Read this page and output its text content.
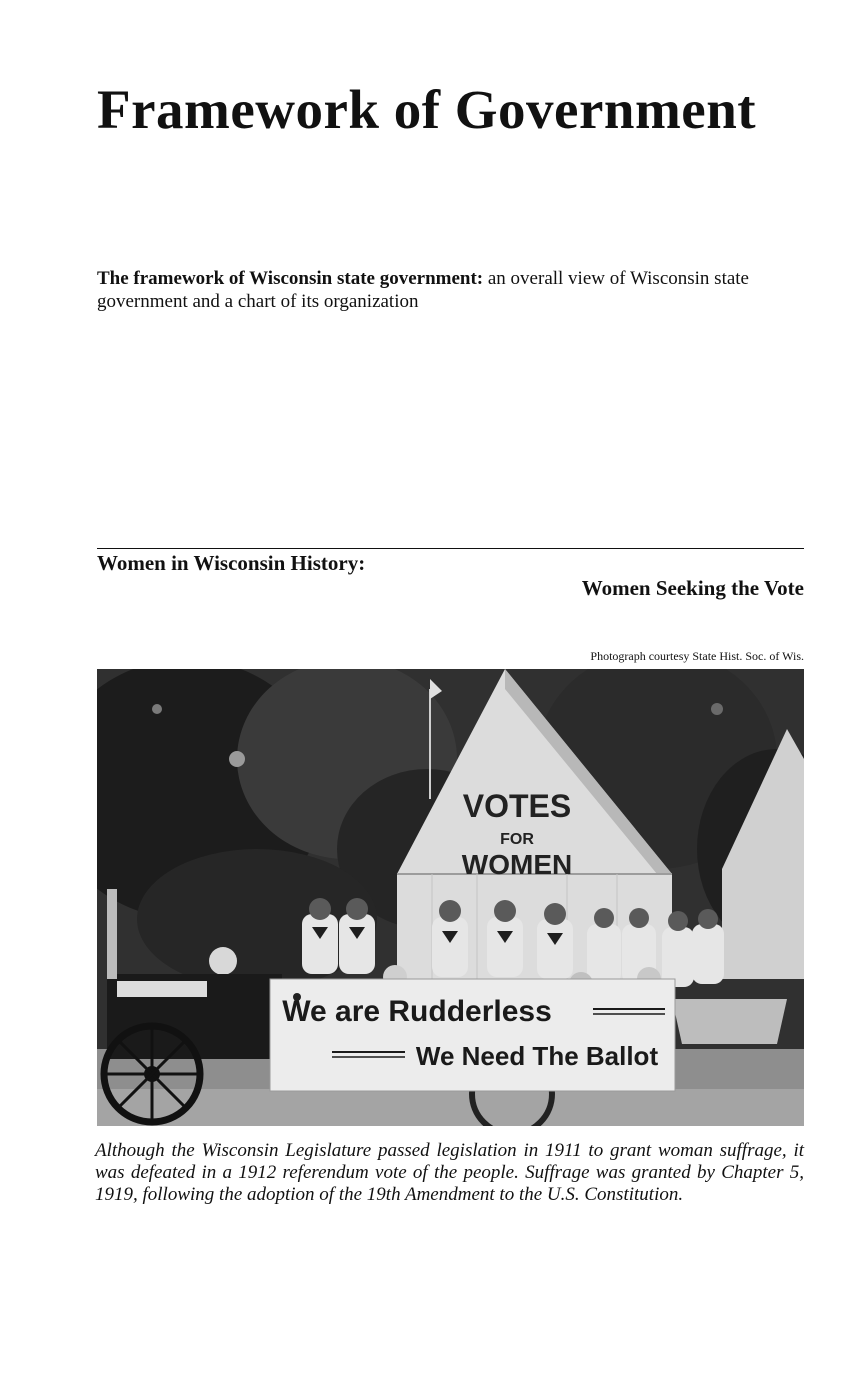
Framework of Government

The framework of Wisconsin state government: an overall view of Wisconsin state government and a chart of its organization

Women in Wisconsin History:
Women Seeking the Vote

Photograph courtesy State Hist. Soc. of Wis.

VOTES
FOR
WOMEN
We are Rudderless
We Need The Ballot

Although the Wisconsin Legislature passed legislation in 1911 to grant woman suffrage, it was defeated in a 1912 referendum vote of the people. Suffrage was granted by Chapter 5, 1919, following the adoption of the 19th Amendment to the U.S. Constitution.
